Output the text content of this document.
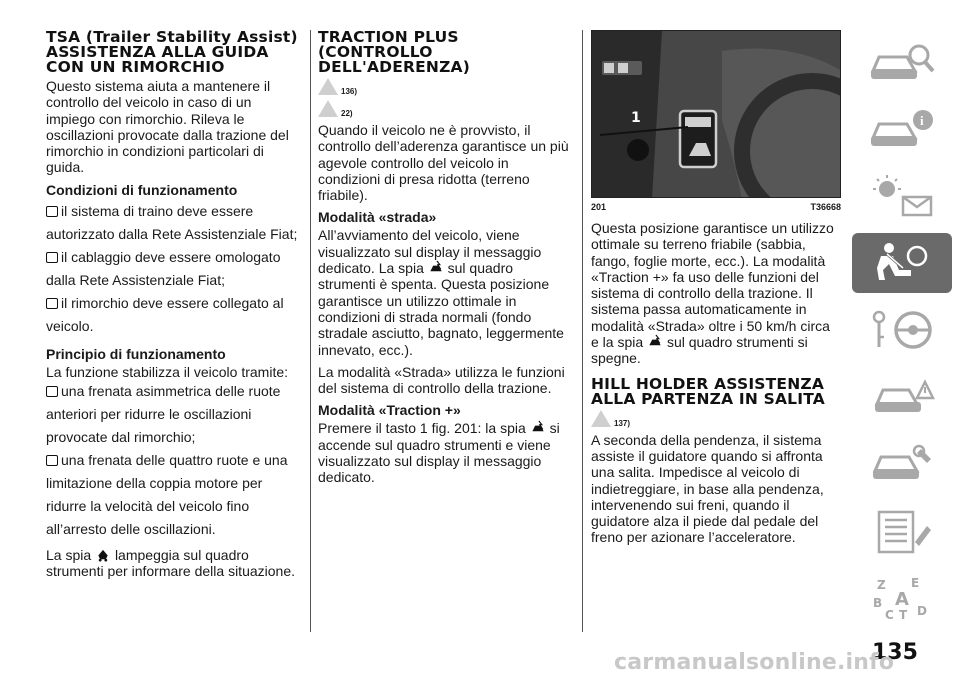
TSA (Trailer Stability Assist) ASSISTENZA ALLA GUIDA CON UN RIMORCHIO

Questo sistema aiuta a mantenere il controllo del veicolo in caso di un impiego con rimorchio. Rileva le oscillazioni provocate dalla trazione del rimorchio in condizioni particolari di guida.

Condizioni di funzionamento
il sistema di traino deve essere autorizzato dalla Rete Assistenziale Fiat;
il cablaggio deve essere omologato dalla Rete Assistenziale Fiat;
il rimorchio deve essere collegato al veicolo.
Principio di funzionamento

La funzione stabilizza il veicolo tramite:

una frenata asimmetrica delle ruote anteriori per ridurre le oscillazioni provocate dal rimorchio;
una frenata delle quattro ruote e una limitazione della coppia motore per ridurre la velocità del veicolo fino all’arresto delle oscillazioni.

La spia lampeggia sul quadro strumenti per informare della situazione.

TRACTION PLUS (CONTROLLO DELL'ADERENZA)
136)
22)

Quando il veicolo ne è provvisto, il controllo dell’aderenza garantisce un più agevole controllo del veicolo in condizioni di presa ridotta (terreno friabile).

Modalità «strada»

All’avviamento del veicolo, viene visualizzato sul display il messaggio dedicato. La spia sul quadro strumenti è spenta. Questa posizione garantisce un utilizzo ottimale in condizioni di strada normali (fondo stradale asciutto, bagnato, leggermente innevato, ecc.).

La modalità «Strada» utilizza le funzioni del sistema di controllo della trazione.

Modalità «Traction +»

Premere il tasto 1 fig. 201: la spia si accende sul quadro strumenti e viene visualizzato sul display il messaggio dedicato.

1
201	T36668

Questa posizione garantisce un utilizzo ottimale su terreno friabile (sabbia, fango, foglie morte, ecc.). La modalità «Traction +» fa uso delle funzioni del sistema di controllo della trazione. Il sistema passa automaticamente in modalità «Strada» oltre i 50 km/h circa e la spia sul quadro strumenti si spegne.

HILL HOLDER ASSISTENZA ALLA PARTENZA IN SALITA
137)

A seconda della pendenza, il sistema assiste il guidatore quando si affronta una salita. Impedisce al veicolo di indietreggiare, in base alla pendenza, intervenendo sui freni, quando il guidatore alza il piede dal pedale del freno per azionare l’acceleratore.

i
Z E
B A
C D
T
135
carmanualsonline.info
